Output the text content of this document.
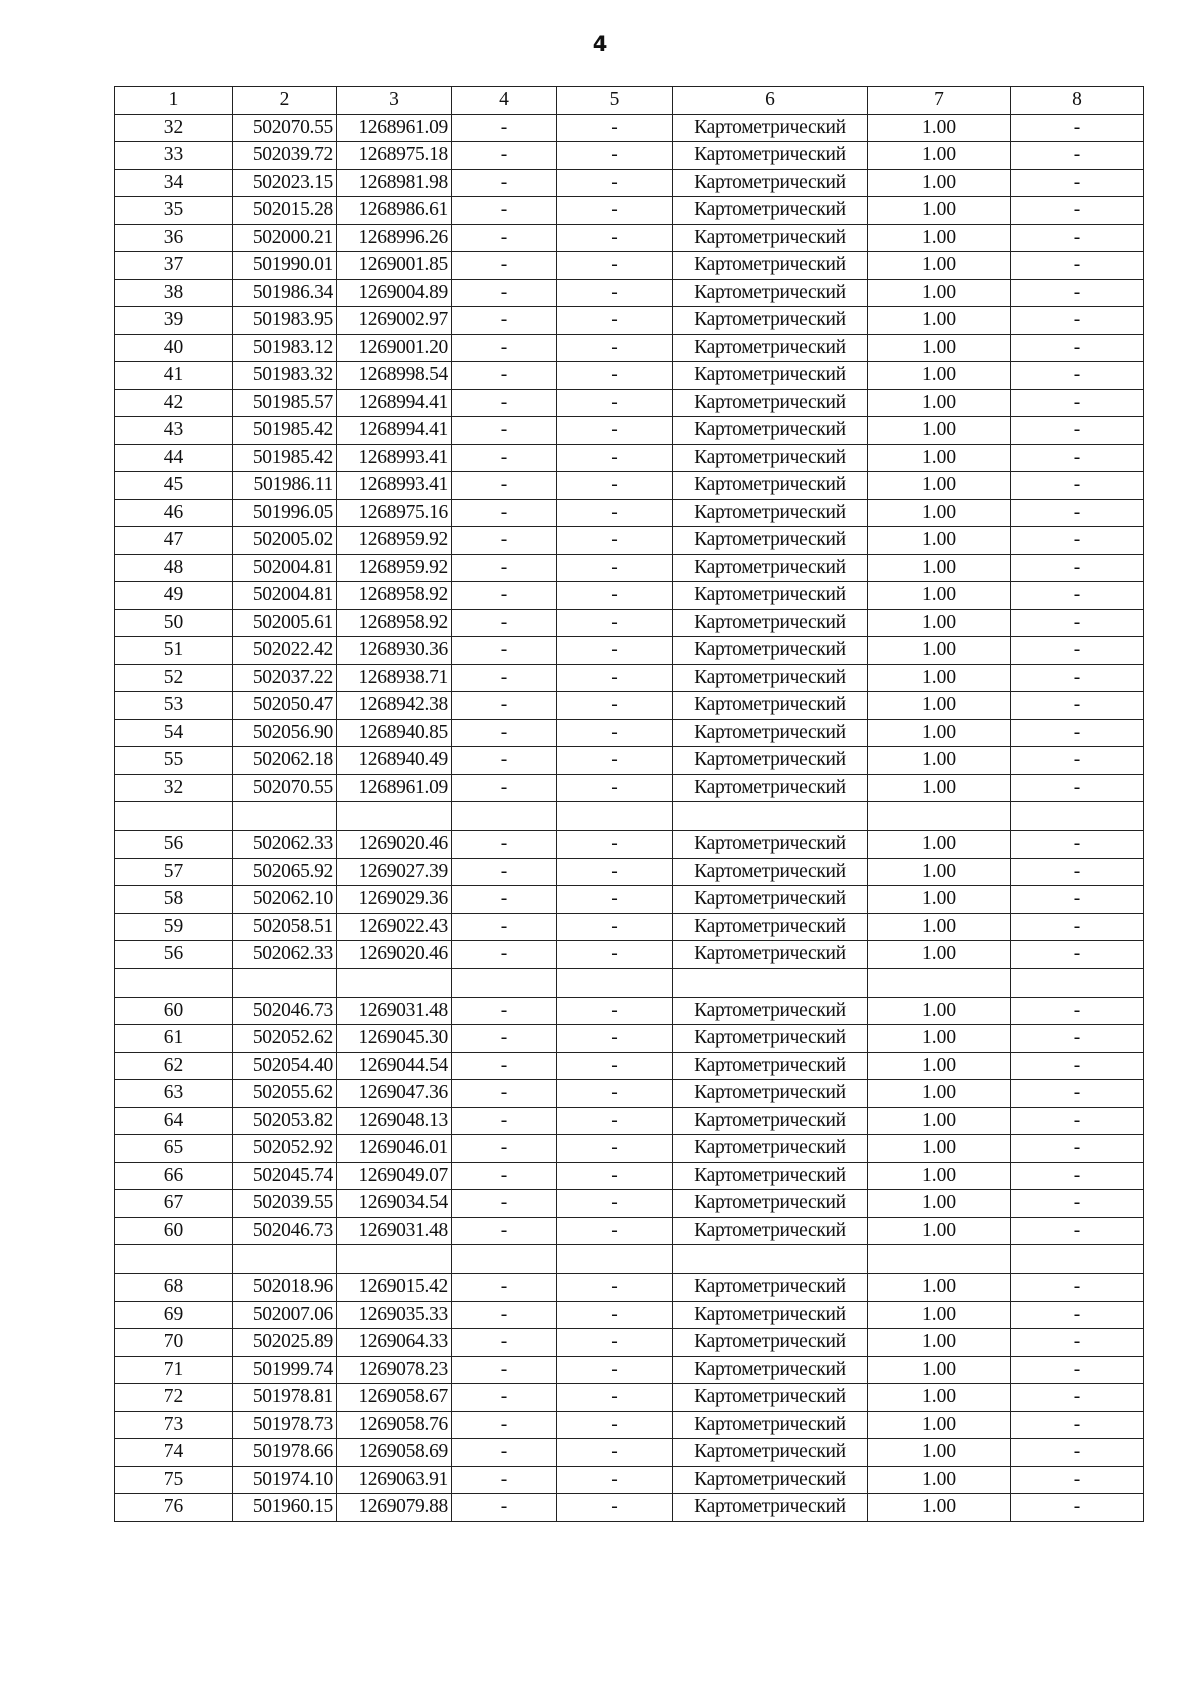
4
1	2	3	4	5	6	7	8
32	502070.55	1268961.09	-	-	Картометрический	1.00	-
33	502039.72	1268975.18	-	-	Картометрический	1.00	-
34	502023.15	1268981.98	-	-	Картометрический	1.00	-
35	502015.28	1268986.61	-	-	Картометрический	1.00	-
36	502000.21	1268996.26	-	-	Картометрический	1.00	-
37	501990.01	1269001.85	-	-	Картометрический	1.00	-
38	501986.34	1269004.89	-	-	Картометрический	1.00	-
39	501983.95	1269002.97	-	-	Картометрический	1.00	-
40	501983.12	1269001.20	-	-	Картометрический	1.00	-
41	501983.32	1268998.54	-	-	Картометрический	1.00	-
42	501985.57	1268994.41	-	-	Картометрический	1.00	-
43	501985.42	1268994.41	-	-	Картометрический	1.00	-
44	501985.42	1268993.41	-	-	Картометрический	1.00	-
45	501986.11	1268993.41	-	-	Картометрический	1.00	-
46	501996.05	1268975.16	-	-	Картометрический	1.00	-
47	502005.02	1268959.92	-	-	Картометрический	1.00	-
48	502004.81	1268959.92	-	-	Картометрический	1.00	-
49	502004.81	1268958.92	-	-	Картометрический	1.00	-
50	502005.61	1268958.92	-	-	Картометрический	1.00	-
51	502022.42	1268930.36	-	-	Картометрический	1.00	-
52	502037.22	1268938.71	-	-	Картометрический	1.00	-
53	502050.47	1268942.38	-	-	Картометрический	1.00	-
54	502056.90	1268940.85	-	-	Картометрический	1.00	-
55	502062.18	1268940.49	-	-	Картометрический	1.00	-
32	502070.55	1268961.09	-	-	Картометрический	1.00	-

56	502062.33	1269020.46	-	-	Картометрический	1.00	-
57	502065.92	1269027.39	-	-	Картометрический	1.00	-
58	502062.10	1269029.36	-	-	Картометрический	1.00	-
59	502058.51	1269022.43	-	-	Картометрический	1.00	-
56	502062.33	1269020.46	-	-	Картометрический	1.00	-

60	502046.73	1269031.48	-	-	Картометрический	1.00	-
61	502052.62	1269045.30	-	-	Картометрический	1.00	-
62	502054.40	1269044.54	-	-	Картометрический	1.00	-
63	502055.62	1269047.36	-	-	Картометрический	1.00	-
64	502053.82	1269048.13	-	-	Картометрический	1.00	-
65	502052.92	1269046.01	-	-	Картометрический	1.00	-
66	502045.74	1269049.07	-	-	Картометрический	1.00	-
67	502039.55	1269034.54	-	-	Картометрический	1.00	-
60	502046.73	1269031.48	-	-	Картометрический	1.00	-

68	502018.96	1269015.42	-	-	Картометрический	1.00	-
69	502007.06	1269035.33	-	-	Картометрический	1.00	-
70	502025.89	1269064.33	-	-	Картометрический	1.00	-
71	501999.74	1269078.23	-	-	Картометрический	1.00	-
72	501978.81	1269058.67	-	-	Картометрический	1.00	-
73	501978.73	1269058.76	-	-	Картометрический	1.00	-
74	501978.66	1269058.69	-	-	Картометрический	1.00	-
75	501974.10	1269063.91	-	-	Картометрический	1.00	-
76	501960.15	1269079.88	-	-	Картометрический	1.00	-
